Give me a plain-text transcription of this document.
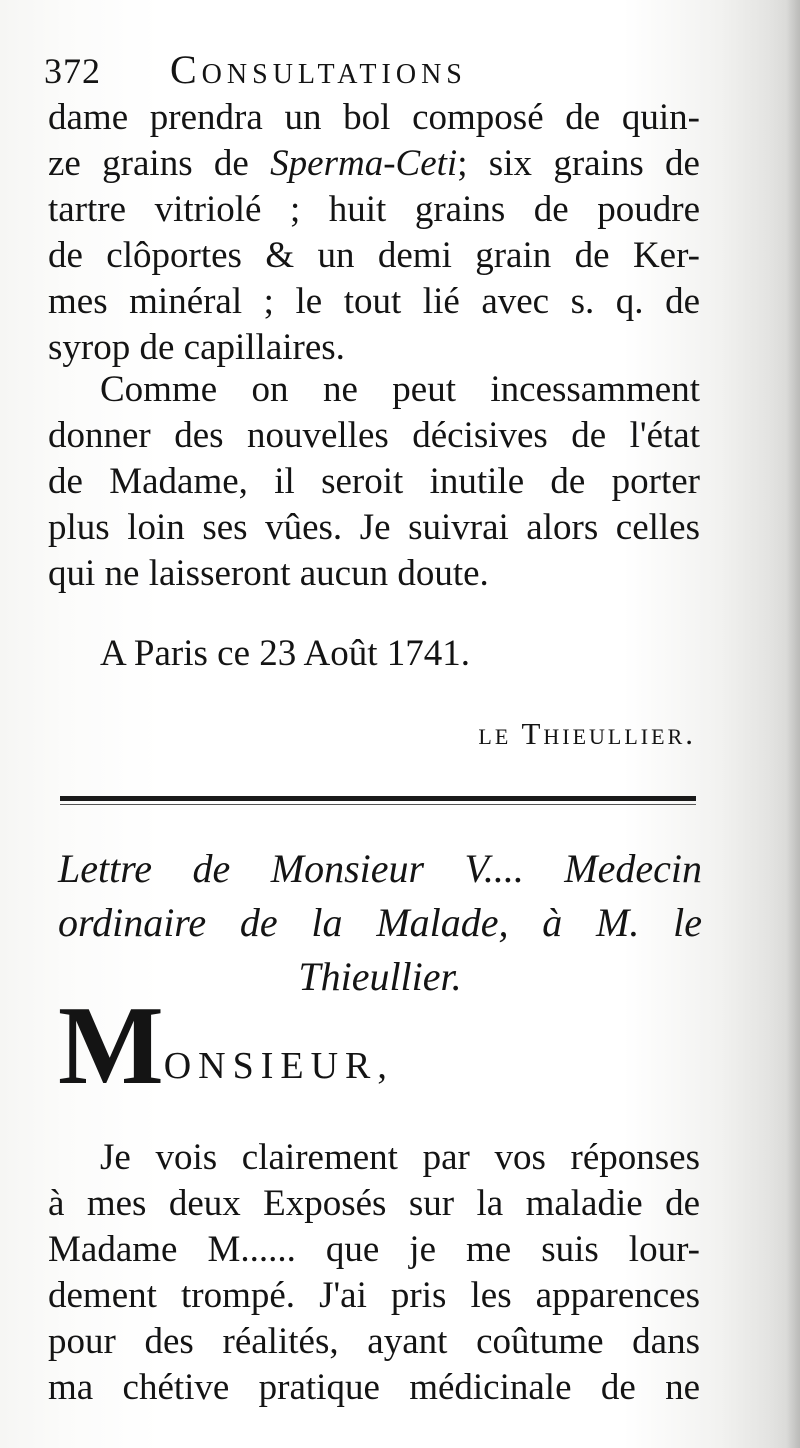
372 Consultations
dame prendra un bol composé de quin-
ze grains de Sperma-Ceti; six grains de
tartre vitriolé ; huit grains de poudre
de clôportes & un demi grain de Ker-
mes minéral ; le tout lié avec s. q. de
syrop de capillaires.
Comme on ne peut incessamment
donner des nouvelles décisives de l'état
de Madame, il seroit inutile de porter
plus loin ses vûes. Je suivrai alors celles
qui ne laisseront aucun doute.
A Paris ce 23 Août 1741.
le Thieullier.
Lettre de Monsieur V.... Medecin
ordinaire de la Malade, à M. le
Thieullier.
MONSIEUR,
Je vois clairement par vos réponses
à mes deux Exposés sur la maladie de
Madame M...... que je me suis lour-
dement trompé. J'ai pris les apparences
pour des réalités, ayant coûtume dans
ma chétive pratique médicinale de ne
